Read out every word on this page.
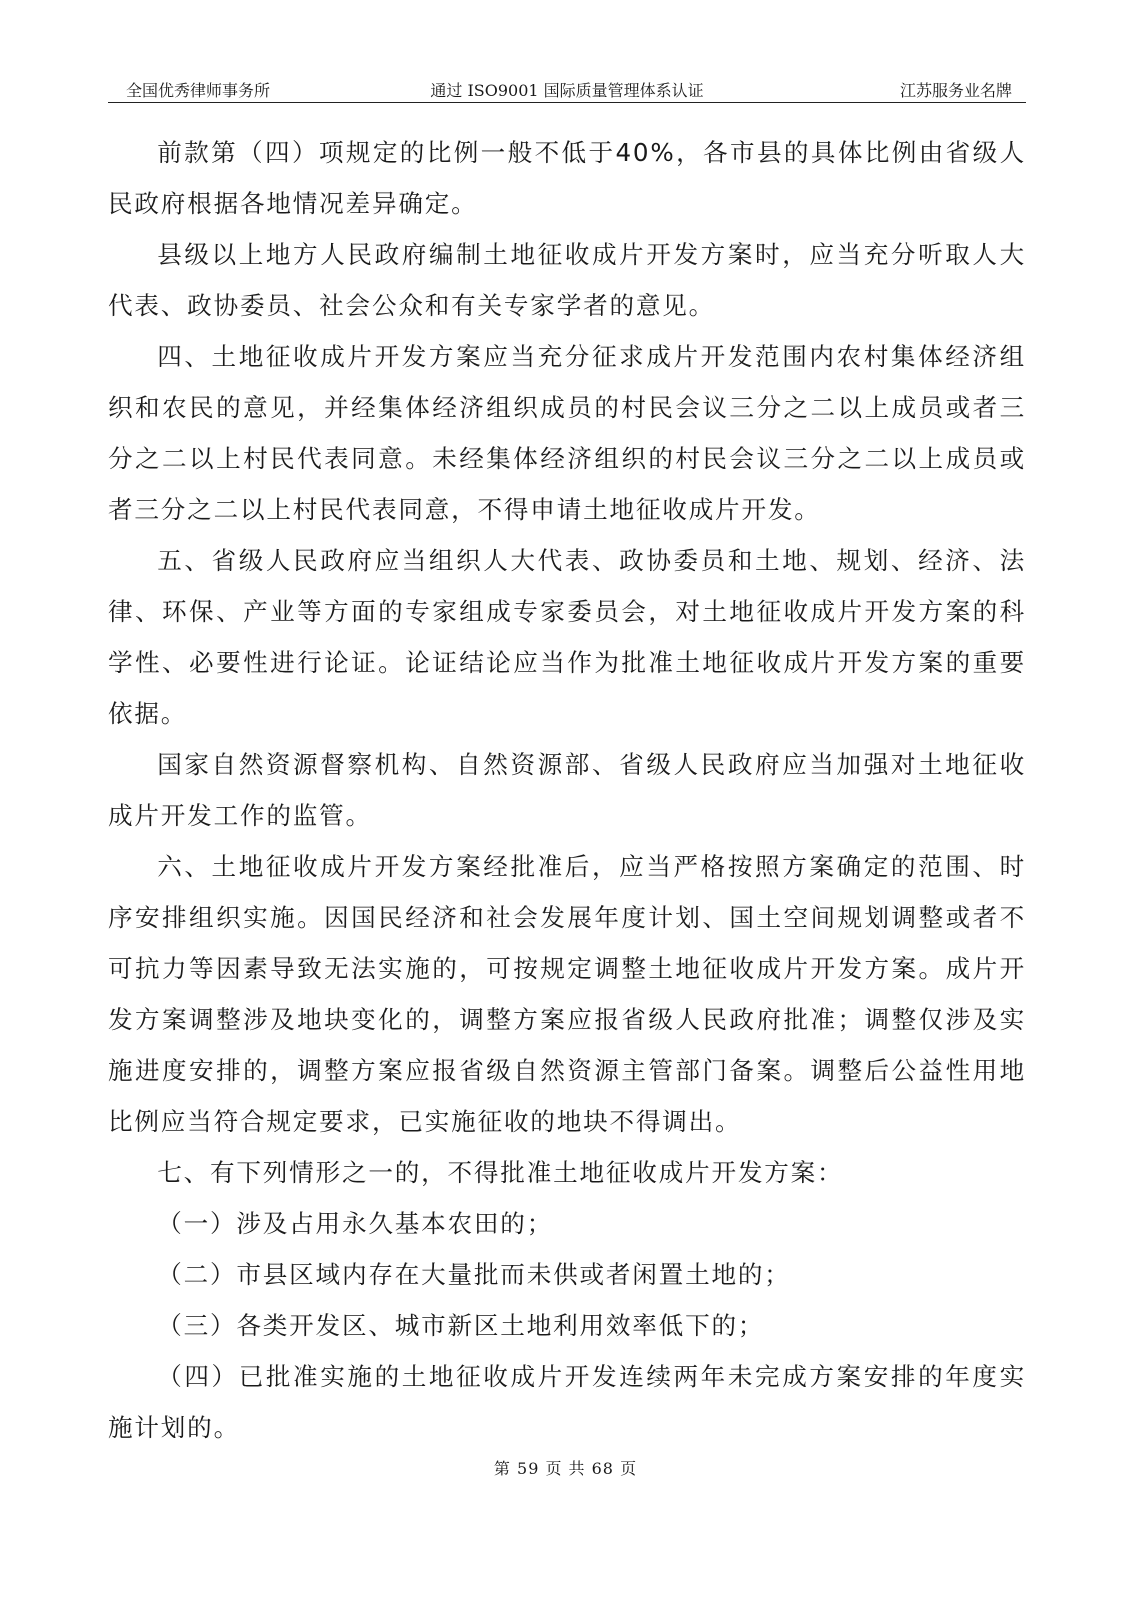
全国优秀律师事务所	通过 ISO9001 国际质量管理体系认证	江苏服务业名牌

前款第（四）项规定的比例一般不低于40%，各市县的具体比例由省级人民政府根据各地情况差异确定。

县级以上地方人民政府编制土地征收成片开发方案时，应当充分听取人大代表、政协委员、社会公众和有关专家学者的意见。

四、土地征收成片开发方案应当充分征求成片开发范围内农村集体经济组织和农民的意见，并经集体经济组织成员的村民会议三分之二以上成员或者三分之二以上村民代表同意。未经集体经济组织的村民会议三分之二以上成员或者三分之二以上村民代表同意，不得申请土地征收成片开发。

五、省级人民政府应当组织人大代表、政协委员和土地、规划、经济、法律、环保、产业等方面的专家组成专家委员会，对土地征收成片开发方案的科学性、必要性进行论证。论证结论应当作为批准土地征收成片开发方案的重要依据。

国家自然资源督察机构、自然资源部、省级人民政府应当加强对土地征收成片开发工作的监管。

六、土地征收成片开发方案经批准后，应当严格按照方案确定的范围、时序安排组织实施。因国民经济和社会发展年度计划、国土空间规划调整或者不可抗力等因素导致无法实施的，可按规定调整土地征收成片开发方案。成片开发方案调整涉及地块变化的，调整方案应报省级人民政府批准；调整仅涉及实施进度安排的，调整方案应报省级自然资源主管部门备案。调整后公益性用地比例应当符合规定要求，已实施征收的地块不得调出。

七、有下列情形之一的，不得批准土地征收成片开发方案：

（一）涉及占用永久基本农田的；

（二）市县区域内存在大量批而未供或者闲置土地的；

（三）各类开发区、城市新区土地利用效率低下的；

（四）已批准实施的土地征收成片开发连续两年未完成方案安排的年度实施计划的。

第 59 页 共 68 页
